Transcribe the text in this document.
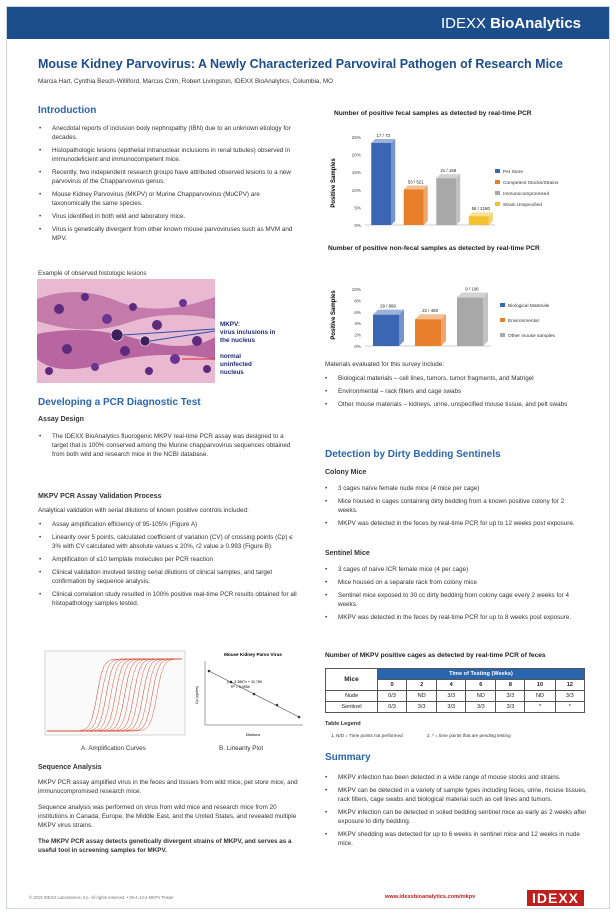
IDEXX BioAnalytics
Mouse Kidney Parvovirus: A Newly Characterized Parvoviral Pathogen of Research Mice
Marcia Hart, Cynthia Besch-Williford, Marcus Crim, Robert Livingston, IDEXX BioAnalytics, Columbia, MO
Introduction
• Anecdotal reports of inclusion body nephropathy (IBN) due to an unknown etiology for decades.
• Histopathologic lesions (epithelial intranuclear inclusions in renal tubules) observed in immunodeficient and immunocompetent mice.
• Recently, two independent research groups have attributed observed lesions to a new parvovirus of the Chapparvovirus genus.
• Mouse Kidney Parvovirus (MKPV) or Murine Chapparvovirus (MuCPV) are taxonomically the same species.
• Virus identified in both wild and laboratory mice.
• Virus is genetically divergent from other known mouse parvoviruses such as MVM and MPV.
Example of observed histologic lesions
MKPV:
virus inclusions in
the nucleus
normal
uninfected
nucleus
Developing a PCR Diagnostic Test
Assay Design
• The IDEXX BioAnalytics fluorogenic MKPV real-time PCR assay was designed to a target that is 100% conserved among the Murine chapparvovirus sequences obtained from both wild and research mice in the NCBI database.
MKPV PCR Assay Validation Process
Analytical validation with serial dilutions of known positive controls included:
• Assay amplification efficiency of 95-105% (Figure A)
• Linearity over 5 points, calculated coefficient of variation (CV) of crossing points (Cp) ≤ 3% with CV calculated with absolute values ≤ 20%, r2 value ≥ 0.993 (Figure B)
• Amplification of ≤10 template molecules per PCR reaction
• Clinical validation involved testing serial dilutions of clinical samples, and target confirmation by sequence analysis.
• Clinical correlation study resulted in 100% positive real-time PCR results obtained for all histopathology samples tested.
A. Amplification Curves
Mouse Kidney Parvo Virus
y = -3.3887x + 32.789
R² = 0.9950
Dilutions
Cp (cycles)
B. Linearity Plot
Sequence Analysis
MKPV PCR assay amplified virus in the feces and tissues from wild mice, pet store mice, and immunocompromised research mice.
Sequence analysis was performed on virus from wild mice and research mice from 20 institutions in Canada, Europe, the Middle East, and the United States, and revealed multiple MKPV virus strains.
The MKPV PCR assay detects genetically divergent strains of MKPV, and serves as a useful tool in screening samples for MKPV.
Number of positive fecal samples as detected by real-time PCR
Positive Samples
0%
5%
10%
15%
20%
25%	17 / 73
53 / 521
21 / 158
56 / 2180
Pet Store
Competent Stocks/Strains
Immunocompromised
Strain Unspecified
Number of positive non-fecal samples as detected by real-time PCR
Positive Samples
0%
2%
4%
6%
8%
10%
29 / 896
22 / 469
9 / 106
Biological Materials
Environmental
Other mouse samples
Materials evaluated for this survey include:
• Biological materials – cell lines, tumors, tumor fragments, and Matrigel
• Environmental – rack filters and cage swabs
• Other mouse materials – kidneys, urine, unspecified mouse tissue, and pelt swabs
Detection by Dirty Bedding Sentinels
Colony Mice
• 3 cages naïve female nude mice (4 mice per cage)
• Mice housed in cages containing dirty bedding from a known positive colony for 2 weeks.
• MKPV was detected in the feces by real-time PCR for up to 12 weeks post exposure.
Sentinel Mice
• 3 cages of naïve ICR female mice (4 per cage)
• Mice housed on a separate rack from colony mice
• Sentinel mice exposed to 30 cc dirty bedding from colony cage every 2 weeks for 4 weeks.
• MKPV was detected in the feces by real-time PCR for up to 8 weeks post exposure.
Number of MKPV positive cages as detected by real-time PCR of feces
Mice	Time of Testing (Weeks)						
	0	2	4	6	8	10	12
Nude	0/3	ND	3/3	ND	3/3	ND	3/3
Sentinel	0/3	3/3	3/3	3/3	3/3	*	*
Table Legend
1. N/D = Time points not performed	2. * = time points that are pending testing
Summary
• MKPV infection has been detected in a wide range of mouse stocks and strains.
• MKPV can be detected in a variety of sample types including feces, urine, mouse tissues, rack filters, cage swabs and biological material such as cell lines and tumors.
• MKPV infection can be detected in soiled bedding sentinel mice as early as 2 weeks after exposure to dirty bedding.
• MKPV shedding was detected for up to 6 weeks in sentinel mice and 12 weeks in nude mice.
© 2019 IDEXX Laboratories, Inc. All rights reserved. • 09-4-13-2 MKPV Poster	www.idexxbioanalytics.com/mkpv	IDEXX
